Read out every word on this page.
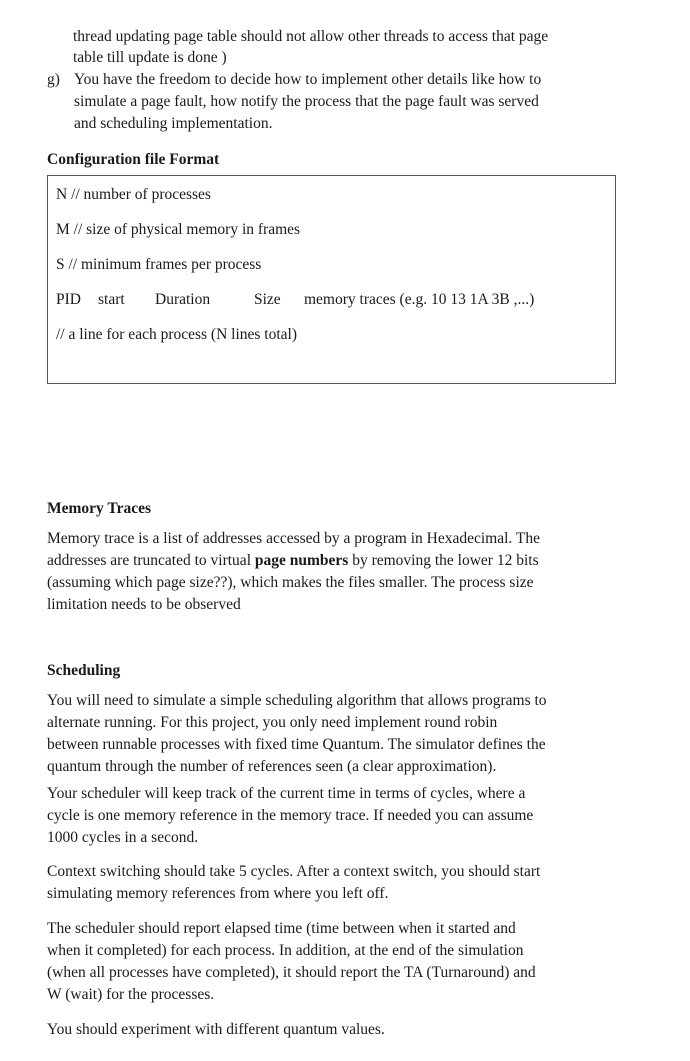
thread updating page table should not allow other threads to access that page
table till update is done )
g) You have the freedom to decide how to implement other details like how to
simulate a page fault, how notify the process that the page fault was served
and scheduling implementation.
Configuration file Format
N // number of processes
M // size of physical memory in frames
S // minimum frames per process
PID start Duration	Size memory traces (e.g. 10 13 1A 3B ,...)
// a line for each process (N lines total)
Memory Traces
Memory trace is a list of addresses accessed by a program in Hexadecimal. The
addresses are truncated to virtual page numbers by removing the lower 12 bits
(assuming which page size??), which makes the files smaller. The process size
limitation needs to be observed
Scheduling
You will need to simulate a simple scheduling algorithm that allows programs to
alternate running. For this project, you only need implement round robin
between runnable processes with fixed time Quantum. The simulator defines the
quantum through the number of references seen (a clear approximation).
Your scheduler will keep track of the current time in terms of cycles, where a
cycle is one memory reference in the memory trace. If needed you can assume
1000 cycles in a second.
Context switching should take 5 cycles. After a context switch, you should start
simulating memory references from where you left off.
The scheduler should report elapsed time (time between when it started and
when it completed) for each process. In addition, at the end of the simulation
(when all processes have completed), it should report the TA (Turnaround) and
W (wait) for the processes.
You should experiment with different quantum values.
